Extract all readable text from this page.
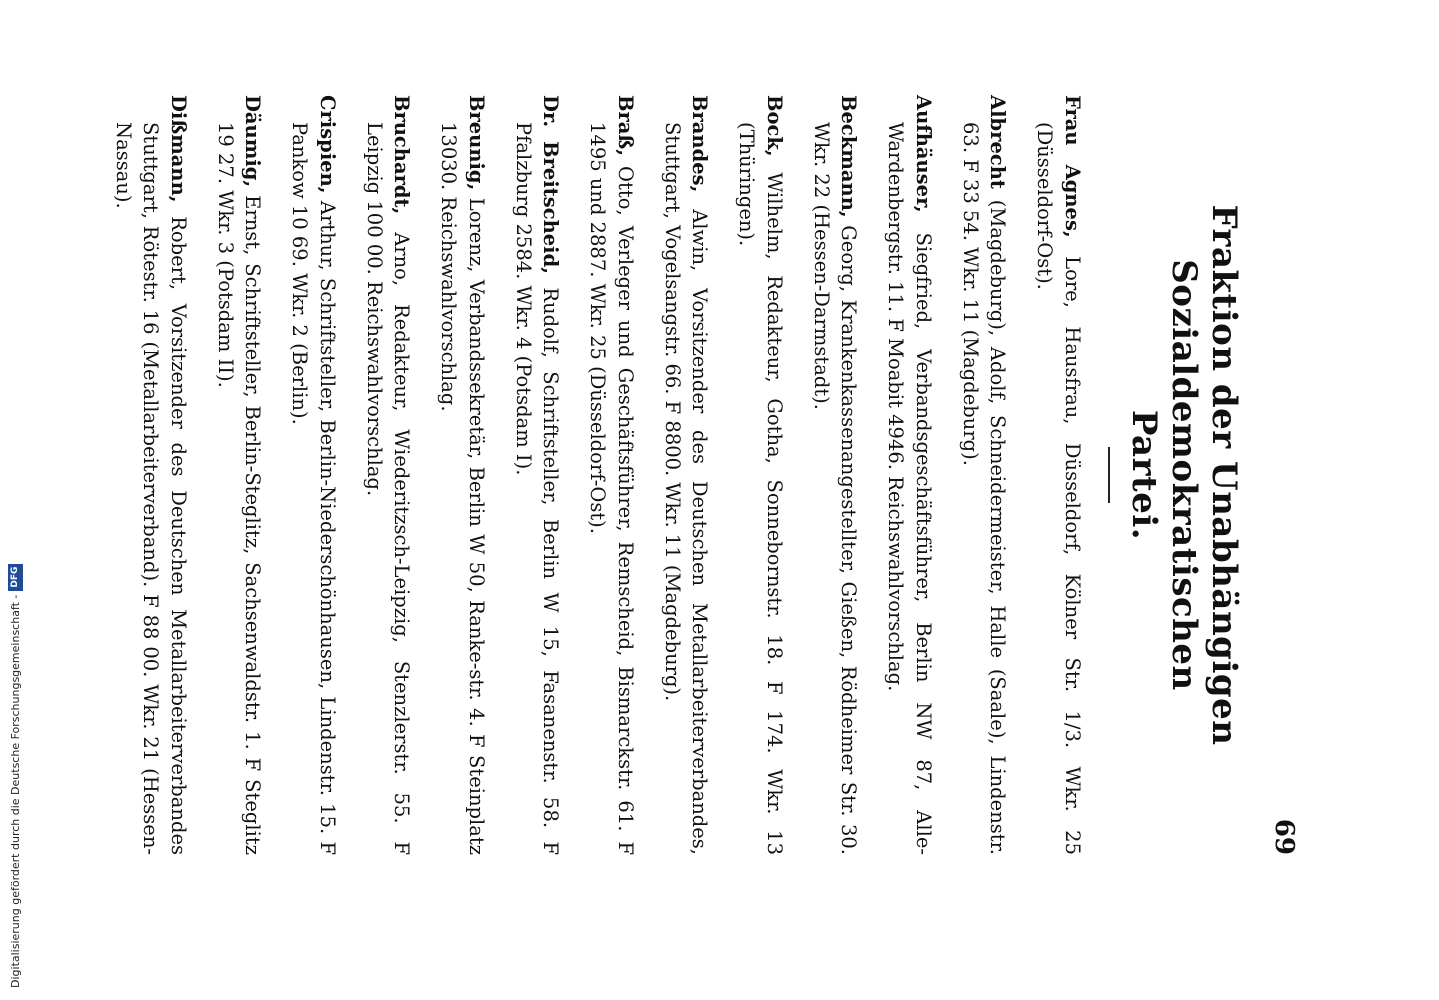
Digitalisierung gefördert durch die Deutsche Forschungsgemeinschaft -
DFG
69
Fraktion der Unabhängigen Sozialdemokratischen
Partei.

Frau Agnes, Lore, Hausfrau, Düsseldorf, Kölner Str. 1/3. Wkr. 25 (Düsseldorf-Ost).

Albrecht (Magdeburg), Adolf, Schneidermeister, Halle (Saale), Lindenstr. 63. F 33 54. Wkr. 11 (Magdeburg).

Aufhäuser, Siegfried, Verbandsgeschäftsführer, Berlin NW 87, Alle-Wardenbergstr. 11. F Moabit 4946. Reichswahlvorschlag.

Beckmann, Georg, Krankenkassenangestellter, Gießen, Rödheimer Str. 30. Wkr. 22 (Hessen-Darmstadt).

Bock, Wilhelm, Redakteur, Gotha, Sonnebornstr. 18. F 174. Wkr. 13 (Thüringen).

Brandes, Alwin, Vorsitzender des Deutschen Metallarbeiterverbandes, Stuttgart, Vogelsangstr. 66. F 8800. Wkr. 11 (Magdeburg).

Braß, Otto, Verleger und Geschäftsführer, Remscheid, Bismarckstr. 61. F 1495 und 2887. Wkr. 25 (Düsseldorf-Ost).

Dr. Breitscheid, Rudolf, Schriftsteller, Berlin W 15, Fasanenstr. 58. F Pfalzburg 2584. Wkr. 4 (Potsdam I).

Breunig, Lorenz, Verbandssekretär, Berlin W 50, Ranke-str. 4. F Steinplatz 13030. Reichswahlvorschlag.

Bruchardt, Arno, Redakteur, Wiederitzsch-Leipzig, Stenzlerstr. 55. F Leipzig 100 00. Reichswahlvorschlag.

Crispien, Arthur, Schriftsteller, Berlin-Niederschönhausen, Lindenstr. 15. F Pankow 10 69. Wkr. 2 (Berlin).

Däumig, Ernst, Schriftsteller, Berlin-Steglitz, Sachsenwaldstr. 1. F Steglitz 19 27. Wkr. 3 (Potsdam II).

Dißmann, Robert, Vorsitzender des Deutschen Metallarbeiterverbandes Stuttgart, Rötestr. 16 (Metallarbeiterverband). F 88 00. Wkr. 21 (Hessen-Nassau).
